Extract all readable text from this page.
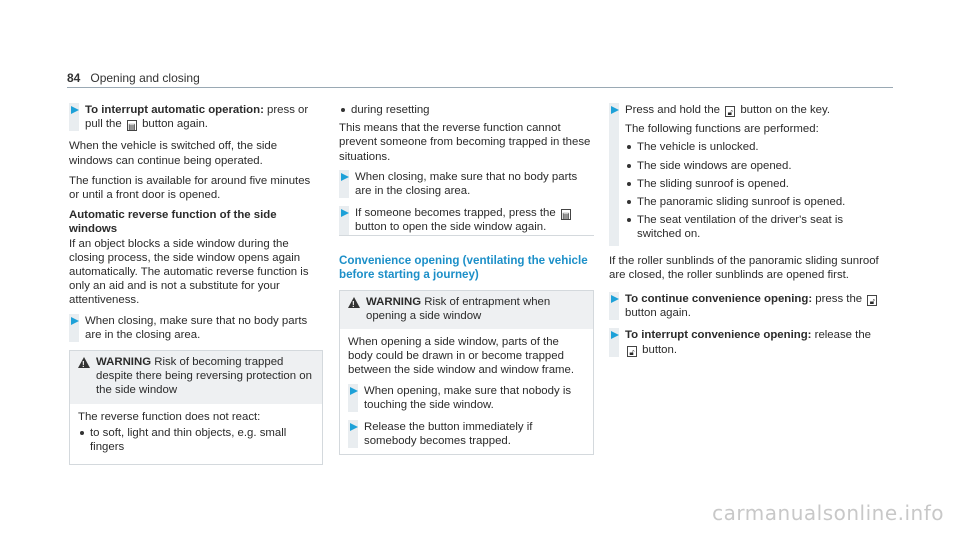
84 Opening and closing
To interrupt automatic operation: press or pull the ▤ button again.

When the vehicle is switched off, the side windows can continue being operated.

The function is available for around five minutes or until a front door is opened.

Automatic reverse function of the side windows

If an object blocks a side window during the closing process, the side window opens again automatically. The automatic reverse function is only an aid and is not a substitute for your attentiveness.

When closing, make sure that no body parts are in the closing area.
!
WARNING Risk of becoming trapped despite there being reversing protection on the side window
The reverse function does not react:
to soft, light and thin objects, e.g. small fingers
during resetting

This means that the reverse function cannot prevent someone from becoming trapped in these situations.

When closing, make sure that no body parts are in the closing area.
If someone becomes trapped, press the ▤ button to open the side window again.
Convenience opening (ventilating the vehicle before starting a journey)
!
WARNING Risk of entrapment when opening a side window

When opening a side window, parts of the body could be drawn in or become trapped between the side window and window frame.

When opening, make sure that nobody is touching the side window.
Release the button immediately if somebody becomes trapped.
Press and hold the 🔓︎ button on the key.
The following functions are performed:
The vehicle is unlocked.
The side windows are opened.
The sliding sunroof is opened.
The panoramic sliding sunroof is opened.
The seat ventilation of the driver's seat is switched on.

If the roller sunblinds of the panoramic sliding sunroof are closed, the roller sunblinds are opened first.

To continue convenience opening: press the 🔓︎ button again.
To interrupt convenience opening: release the 🔓︎ button.
carmanualsonline.info
